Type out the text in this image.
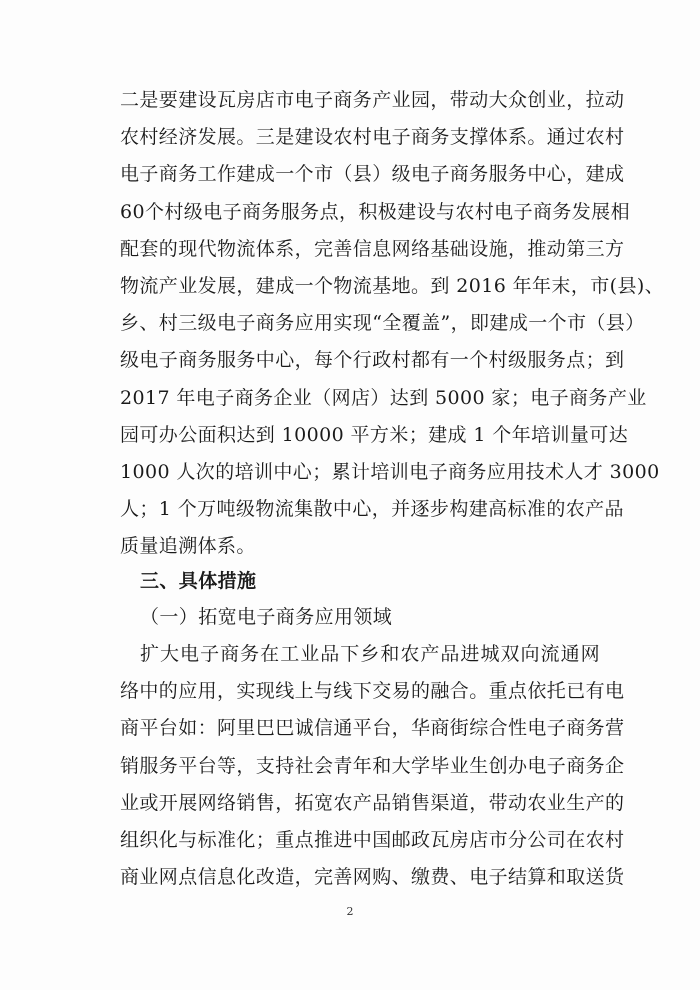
二是要建设瓦房店市电子商务产业园，带动大众创业，拉动
农村经济发展。三是建设农村电子商务支撑体系。通过农村
电子商务工作建成一个市（县）级电子商务服务中心，建成
60个村级电子商务服务点，积极建设与农村电子商务发展相
配套的现代物流体系，完善信息网络基础设施，推动第三方
物流产业发展，建成一个物流基地。到 2016 年年末，市(县)、
乡、村三级电子商务应用实现“全覆盖”，即建成一个市（县）
级电子商务服务中心，每个行政村都有一个村级服务点；到
2017 年电子商务企业（网店）达到 5000 家；电子商务产业
园可办公面积达到 10000 平方米；建成 1 个年培训量可达
1000 人次的培训中心；累计培训电子商务应用技术人才 3000
人；1 个万吨级物流集散中心，并逐步构建高标准的农产品
质量追溯体系。
三、具体措施
（一）拓宽电子商务应用领域
扩大电子商务在工业品下乡和农产品进城双向流通网
络中的应用，实现线上与线下交易的融合。重点依托已有电
商平台如：阿里巴巴诚信通平台，华商街综合性电子商务营
销服务平台等，支持社会青年和大学毕业生创办电子商务企
业或开展网络销售，拓宽农产品销售渠道，带动农业生产的
组织化与标准化；重点推进中国邮政瓦房店市分公司在农村
商业网点信息化改造，完善网购、缴费、电子结算和取送货
2
